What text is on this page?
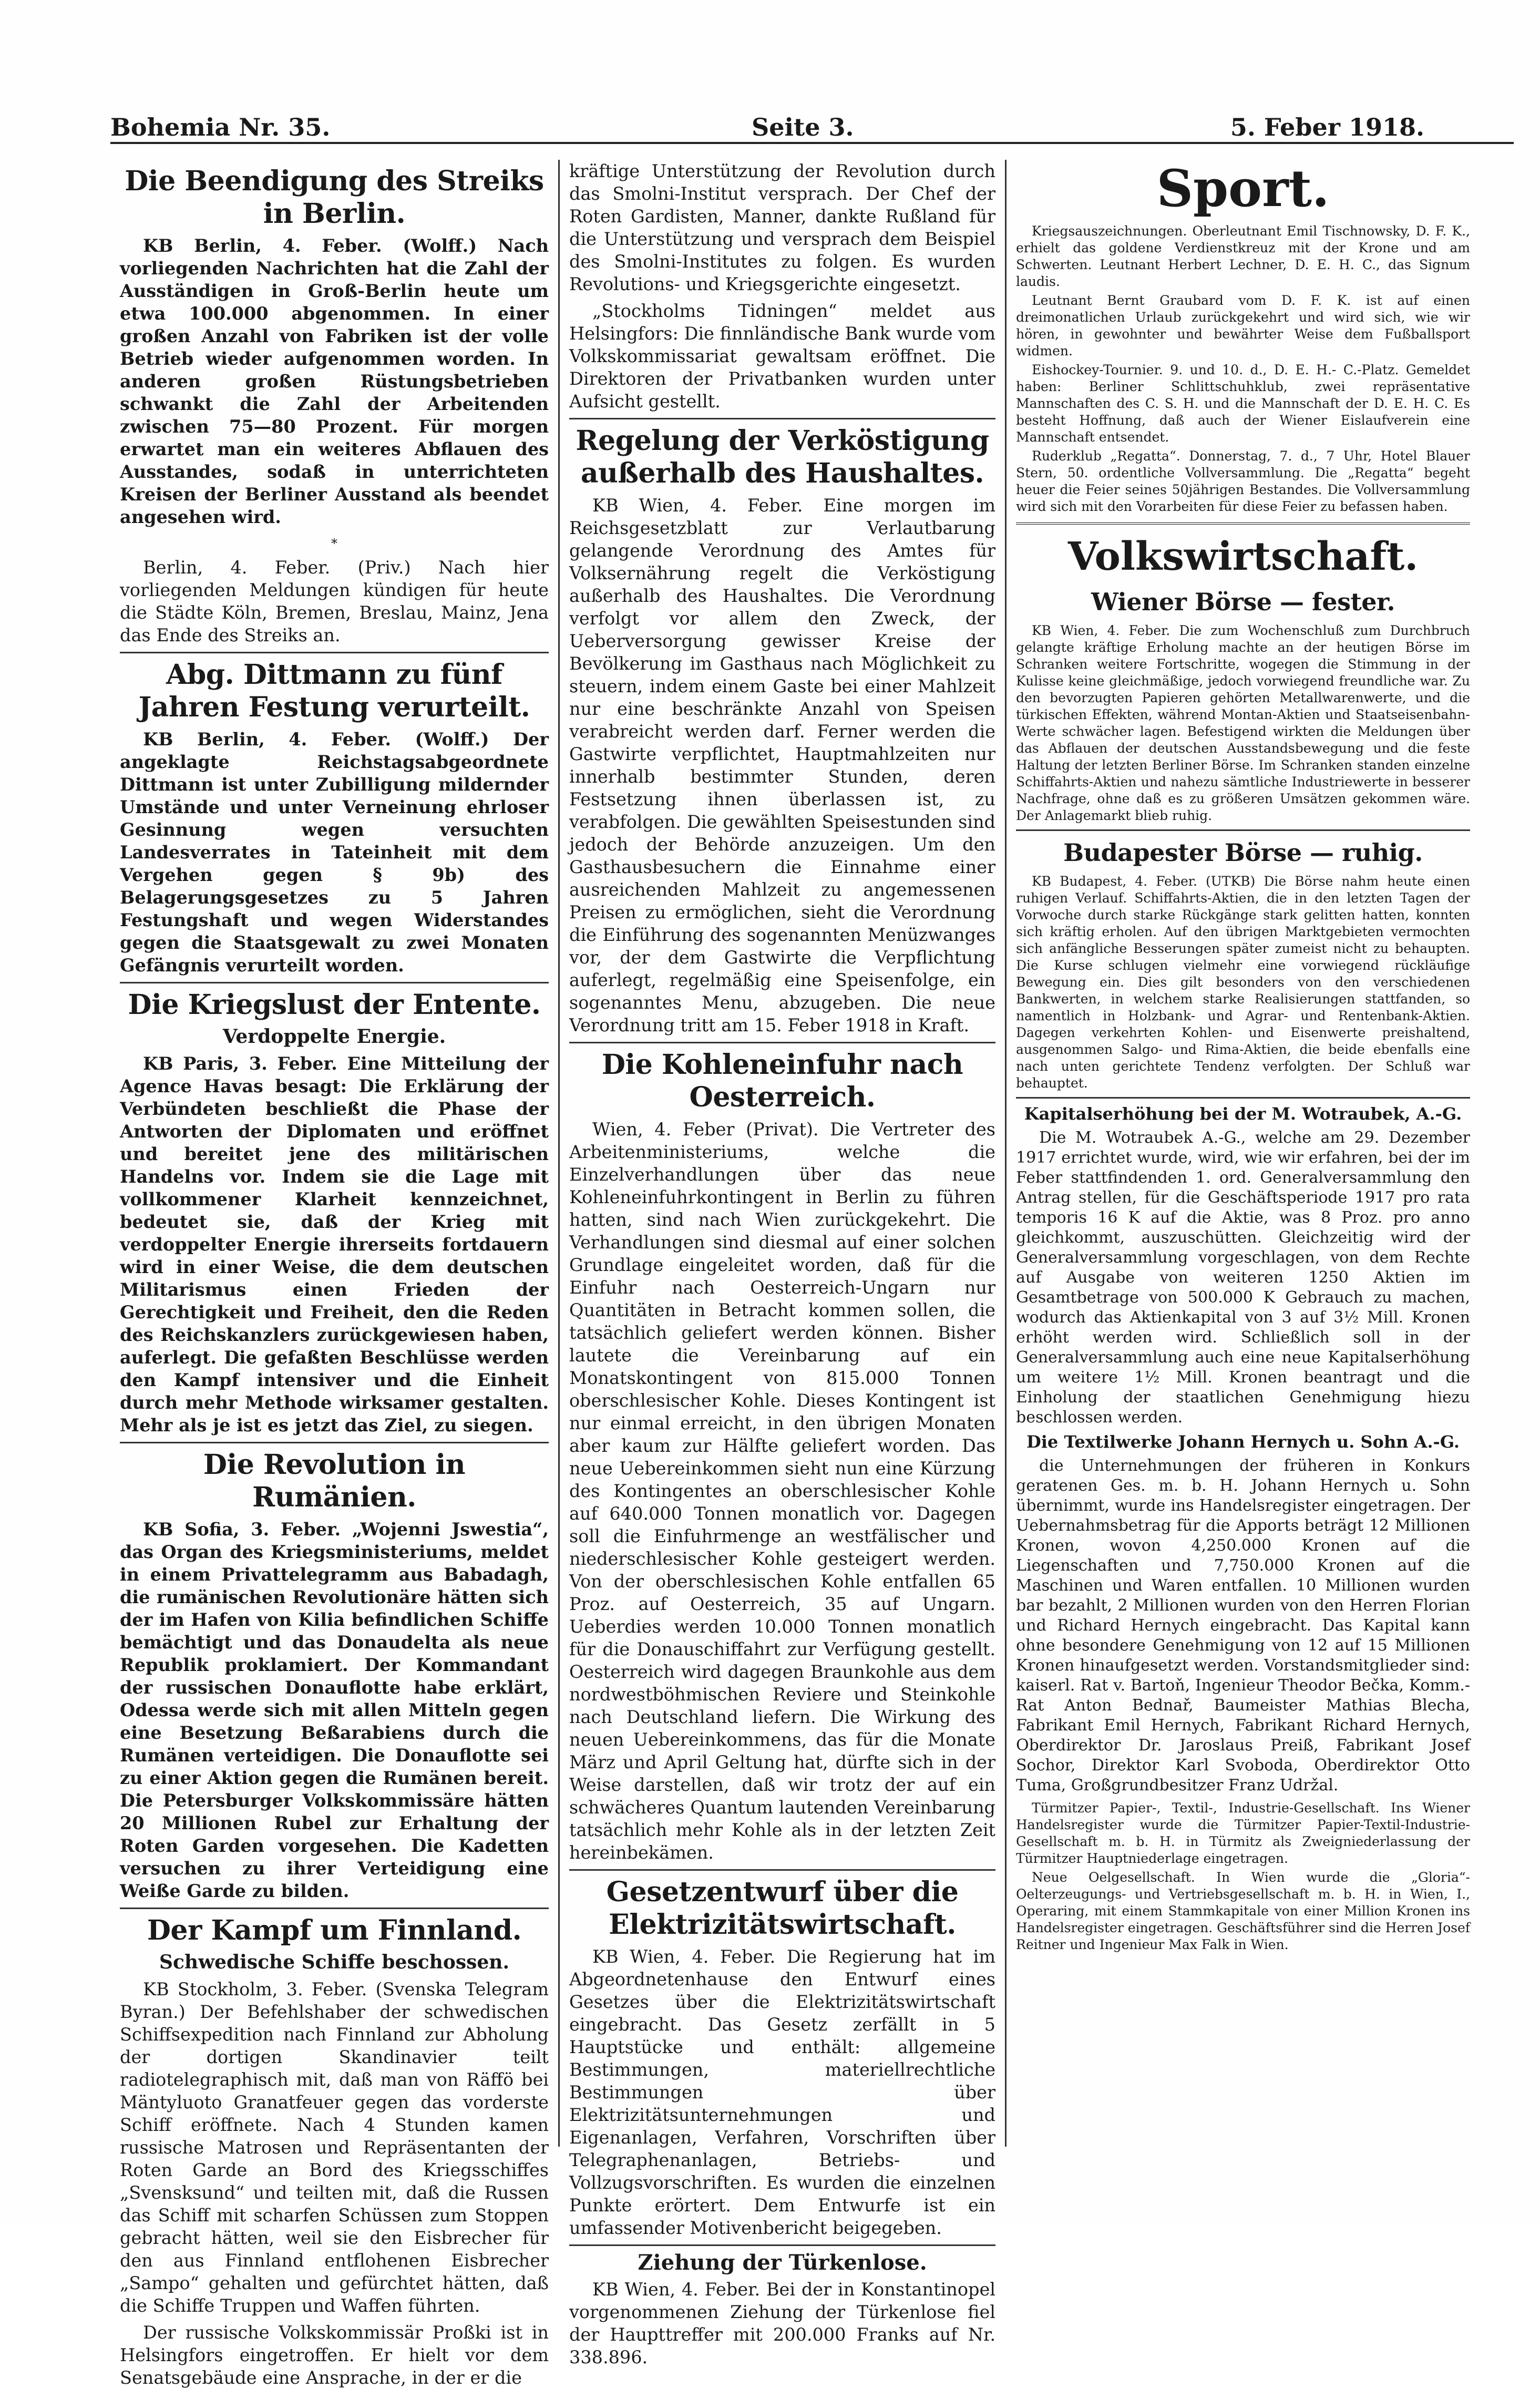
Bohemia Nr. 35.	Seite 3.	5. Feber 1918.
Die Beendigung des Streiks in Berlin.

KB Berlin, 4. Feber. (Wolff.) Nach vorliegenden Nachrichten hat die Zahl der Ausständigen in Groß-Berlin heute um etwa 100.000 abgenommen. In einer großen Anzahl von Fabriken ist der volle Betrieb wieder aufgenommen worden. In anderen großen Rüstungsbetrieben schwankt die Zahl der Arbeitenden zwischen 75—80 Prozent. Für morgen erwartet man ein weiteres Abflauen des Ausstandes, sodaß in unterrichteten Kreisen der Berliner Ausstand als beendet angesehen wird.

*

Berlin, 4. Feber. (Priv.) Nach hier vorliegenden Meldungen kündigen für heute die Städte Köln, Bremen, Breslau, Mainz, Jena das Ende des Streiks an.

Abg. Dittmann zu fünf Jahren Festung verurteilt.

KB Berlin, 4. Feber. (Wolff.) Der angeklagte Reichstagsabgeordnete Dittmann ist unter Zubilligung mildernder Umstände und unter Verneinung ehrloser Gesinnung wegen versuchten Landesverrates in Tateinheit mit dem Vergehen gegen § 9b) des Belagerungsgesetzes zu 5 Jahren Festungshaft und wegen Widerstandes gegen die Staatsgewalt zu zwei Monaten Gefängnis verurteilt worden.

Die Kriegslust der Entente.
Verdoppelte Energie.

KB Paris, 3. Feber. Eine Mitteilung der Agence Havas besagt: Die Erklärung der Verbündeten beschließt die Phase der Antworten der Diplomaten und eröffnet und bereitet jene des militärischen Handelns vor. Indem sie die Lage mit vollkommener Klarheit kennzeichnet, bedeutet sie, daß der Krieg mit verdoppelter Energie ihrerseits fortdauern wird in einer Weise, die dem deutschen Militarismus einen Frieden der Gerechtigkeit und Freiheit, den die Reden des Reichskanzlers zurückgewiesen haben, auferlegt. Die gefaßten Beschlüsse werden den Kampf intensiver und die Einheit durch mehr Methode wirksamer gestalten. Mehr als je ist es jetzt das Ziel, zu siegen.

Die Revolution in Rumänien.

KB Sofia, 3. Feber. „Wojenni Jswestia“, das Organ des Kriegsministeriums, meldet in einem Privattelegramm aus Babadagh, die rumänischen Revolutionäre hätten sich der im Hafen von Kilia befindlichen Schiffe bemächtigt und das Donaudelta als neue Republik proklamiert. Der Kommandant der russischen Donauflotte habe erklärt, Odessa werde sich mit allen Mitteln gegen eine Besetzung Beßarabiens durch die Rumänen verteidigen. Die Donauflotte sei zu einer Aktion gegen die Rumänen bereit. Die Petersburger Volkskommissäre hätten 20 Millionen Rubel zur Erhaltung der Roten Garden vorgesehen. Die Kadetten versuchen zu ihrer Verteidigung eine Weiße Garde zu bilden.

Der Kampf um Finnland.
Schwedische Schiffe beschossen.

KB Stockholm, 3. Feber. (Svenska Telegram Byran.) Der Befehlshaber der schwedischen Schiffsexpedition nach Finnland zur Abholung der dortigen Skandinavier teilt radiotelegraphisch mit, daß man von Räffö bei Mäntyluoto Granatfeuer gegen das vorderste Schiff eröffnete. Nach 4 Stunden kamen russische Matrosen und Repräsentanten der Roten Garde an Bord des Kriegsschiffes „Svensksund“ und teilten mit, daß die Russen das Schiff mit scharfen Schüssen zum Stoppen gebracht hätten, weil sie den Eisbrecher für den aus Finnland entflohenen Eisbrecher „Sampo“ gehalten und gefürchtet hätten, daß die Schiffe Truppen und Waffen führten.

Der russische Volkskommissär Proßki ist in Helsingfors eingetroffen. Er hielt vor dem Senatsgebäude eine Ansprache, in der er die

kräftige Unterstützung der Revolution durch das Smolni-Institut versprach. Der Chef der Roten Gardisten, Manner, dankte Rußland für die Unterstützung und versprach dem Beispiel des Smolni-Institutes zu folgen. Es wurden Revolutions- und Kriegsgerichte eingesetzt.

„Stockholms Tidningen“ meldet aus Helsingfors: Die finnländische Bank wurde vom Volkskommissariat gewaltsam eröffnet. Die Direktoren der Privatbanken wurden unter Aufsicht gestellt.

Regelung der Verköstigung außerhalb des Haushaltes.

KB Wien, 4. Feber. Eine morgen im Reichsgesetzblatt zur Verlautbarung gelangende Verordnung des Amtes für Volksernährung regelt die Verköstigung außerhalb des Haushaltes. Die Verordnung verfolgt vor allem den Zweck, der Ueberversorgung gewisser Kreise der Bevölkerung im Gasthaus nach Möglichkeit zu steuern, indem einem Gaste bei einer Mahlzeit nur eine beschränkte Anzahl von Speisen verabreicht werden darf. Ferner werden die Gastwirte verpflichtet, Hauptmahlzeiten nur innerhalb bestimmter Stunden, deren Festsetzung ihnen überlassen ist, zu verabfolgen. Die gewählten Speisestunden sind jedoch der Behörde anzuzeigen. Um den Gasthausbesuchern die Einnahme einer ausreichenden Mahlzeit zu angemessenen Preisen zu ermöglichen, sieht die Verordnung die Einführung des sogenannten Menüzwanges vor, der dem Gastwirte die Verpflichtung auferlegt, regelmäßig eine Speisenfolge, ein sogenanntes Menu, abzugeben. Die neue Verordnung tritt am 15. Feber 1918 in Kraft.

Die Kohleneinfuhr nach Oesterreich.

Wien, 4. Feber (Privat). Die Vertreter des Arbeitenministeriums, welche die Einzelverhandlungen über das neue Kohleneinfuhrkontingent in Berlin zu führen hatten, sind nach Wien zurückgekehrt. Die Verhandlungen sind diesmal auf einer solchen Grundlage eingeleitet worden, daß für die Einfuhr nach Oesterreich-Ungarn nur Quantitäten in Betracht kommen sollen, die tatsächlich geliefert werden können. Bisher lautete die Vereinbarung auf ein Monatskontingent von 815.000 Tonnen oberschlesischer Kohle. Dieses Kontingent ist nur einmal erreicht, in den übrigen Monaten aber kaum zur Hälfte geliefert worden. Das neue Uebereinkommen sieht nun eine Kürzung des Kontingentes an oberschlesischer Kohle auf 640.000 Tonnen monatlich vor. Dagegen soll die Einfuhrmenge an westfälischer und niederschlesischer Kohle gesteigert werden. Von der oberschlesischen Kohle entfallen 65 Proz. auf Oesterreich, 35 auf Ungarn. Ueberdies werden 10.000 Tonnen monatlich für die Donauschiffahrt zur Verfügung gestellt. Oesterreich wird dagegen Braunkohle aus dem nordwestböhmischen Reviere und Steinkohle nach Deutschland liefern. Die Wirkung des neuen Uebereinkommens, das für die Monate März und April Geltung hat, dürfte sich in der Weise darstellen, daß wir trotz der auf ein schwächeres Quantum lautenden Vereinbarung tatsächlich mehr Kohle als in der letzten Zeit hereinbekämen.

Gesetzentwurf über die Elektrizitätswirtschaft.

KB Wien, 4. Feber. Die Regierung hat im Abgeordnetenhause den Entwurf eines Gesetzes über die Elektrizitätswirtschaft eingebracht. Das Gesetz zerfällt in 5 Hauptstücke und enthält: allgemeine Bestimmungen, materiellrechtliche Bestimmungen über Elektrizitätsunternehmungen und Eigenanlagen, Verfahren, Vorschriften über Telegraphenanlagen, Betriebs- und Vollzugsvorschriften. Es wurden die einzelnen Punkte erörtert. Dem Entwurfe ist ein umfassender Motivenbericht beigegeben.

Ziehung der Türkenlose.

KB Wien, 4. Feber. Bei der in Konstantinopel vorgenommenen Ziehung der Türkenlose fiel der Haupttreffer mit 200.000 Franks auf Nr. 338.896.

Sport.

Kriegsauszeichnungen. Oberleutnant Emil Tischnowsky, D. F. K., erhielt das goldene Verdienstkreuz mit der Krone und am Schwerten. Leutnant Herbert Lechner, D. E. H. C., das Signum laudis.

Leutnant Bernt Graubard vom D. F. K. ist auf einen dreimonatlichen Urlaub zurückgekehrt und wird sich, wie wir hören, in gewohnter und bewährter Weise dem Fußballsport widmen.

Eishockey-Tournier. 9. und 10. d., D. E. H.- C.-Platz. Gemeldet haben: Berliner Schlittschuhklub, zwei repräsentative Mannschaften des C. S. H. und die Mannschaft der D. E. H. C. Es besteht Hoffnung, daß auch der Wiener Eislaufverein eine Mannschaft entsendet.

Ruderklub „Regatta“. Donnerstag, 7. d., 7 Uhr, Hotel Blauer Stern, 50. ordentliche Vollversammlung. Die „Regatta“ begeht heuer die Feier seines 50jährigen Bestandes. Die Vollversammlung wird sich mit den Vorarbeiten für diese Feier zu befassen haben.

Volkswirtschaft.
Wiener Börse — fester.

KB Wien, 4. Feber. Die zum Wochenschluß zum Durchbruch gelangte kräftige Erholung machte an der heutigen Börse im Schranken weitere Fortschritte, wogegen die Stimmung in der Kulisse keine gleichmäßige, jedoch vorwiegend freundliche war. Zu den bevorzugten Papieren gehörten Metallwarenwerte, und die türkischen Effekten, während Montan-Aktien und Staatseisenbahn-Werte schwächer lagen. Befestigend wirkten die Meldungen über das Abflauen der deutschen Ausstandsbewegung und die feste Haltung der letzten Berliner Börse. Im Schranken standen einzelne Schiffahrts-Aktien und nahezu sämtliche Industriewerte in besserer Nachfrage, ohne daß es zu größeren Umsätzen gekommen wäre. Der Anlagemarkt blieb ruhig.

Budapester Börse — ruhig.

KB Budapest, 4. Feber. (UTKB) Die Börse nahm heute einen ruhigen Verlauf. Schiffahrts-Aktien, die in den letzten Tagen der Vorwoche durch starke Rückgänge stark gelitten hatten, konnten sich kräftig erholen. Auf den übrigen Marktgebieten vermochten sich anfängliche Besserungen später zumeist nicht zu behaupten. Die Kurse schlugen vielmehr eine vorwiegend rückläufige Bewegung ein. Dies gilt besonders von den verschiedenen Bankwerten, in welchem starke Realisierungen stattfanden, so namentlich in Holzbank- und Agrar- und Rentenbank-Aktien. Dagegen verkehrten Kohlen- und Eisenwerte preishaltend, ausgenommen Salgo- und Rima-Aktien, die beide ebenfalls eine nach unten gerichtete Tendenz verfolgten. Der Schluß war behauptet.

Kapitalserhöhung bei der M. Wotraubek, A.-G.

Die M. Wotraubek A.-G., welche am 29. Dezember 1917 errichtet wurde, wird, wie wir erfahren, bei der im Feber stattfindenden 1. ord. Generalversammlung den Antrag stellen, für die Geschäftsperiode 1917 pro rata temporis 16 K auf die Aktie, was 8 Proz. pro anno gleichkommt, auszuschütten. Gleichzeitig wird der Generalversammlung vorgeschlagen, von dem Rechte auf Ausgabe von weiteren 1250 Aktien im Gesamtbetrage von 500.000 K Gebrauch zu machen, wodurch das Aktienkapital von 3 auf 3½ Mill. Kronen erhöht werden wird. Schließlich soll in der Generalversammlung auch eine neue Kapitalserhöhung um weitere 1½ Mill. Kronen beantragt und die Einholung der staatlichen Genehmigung hiezu beschlossen werden.

Die Textilwerke Johann Hernych u. Sohn A.-G.

die Unternehmungen der früheren in Konkurs geratenen Ges. m. b. H. Johann Hernych u. Sohn übernimmt, wurde ins Handelsregister eingetragen. Der Uebernahmsbetrag für die Apports beträgt 12 Millionen Kronen, wovon 4,250.000 Kronen auf die Liegenschaften und 7,750.000 Kronen auf die Maschinen und Waren entfallen. 10 Millionen wurden bar bezahlt, 2 Millionen wurden von den Herren Florian und Richard Hernych eingebracht. Das Kapital kann ohne besondere Genehmigung von 12 auf 15 Millionen Kronen hinaufgesetzt werden. Vorstandsmitglieder sind: kaiserl. Rat v. Bartoň, Ingenieur Theodor Bečka, Komm.-Rat Anton Bednař, Baumeister Mathias Blecha, Fabrikant Emil Hernych, Fabrikant Richard Hernych, Oberdirektor Dr. Jaroslaus Preiß, Fabrikant Josef Sochor, Direktor Karl Svoboda, Oberdirektor Otto Tuma, Großgrundbesitzer Franz Udržal.

Türmitzer Papier-, Textil-, Industrie-Gesellschaft. Ins Wiener Handelsregister wurde die Türmitzer Papier-Textil-Industrie-Gesellschaft m. b. H. in Türmitz als Zweigniederlassung der Türmitzer Hauptniederlage eingetragen.

Neue Oelgesellschaft. In Wien wurde die „Gloria“-Oelterzeugungs- und Vertriebsgesellschaft m. b. H. in Wien, I., Operaring, mit einem Stammkapitale von einer Million Kronen ins Handelsregister eingetragen. Geschäftsführer sind die Herren Josef Reitner und Ingenieur Max Falk in Wien.
